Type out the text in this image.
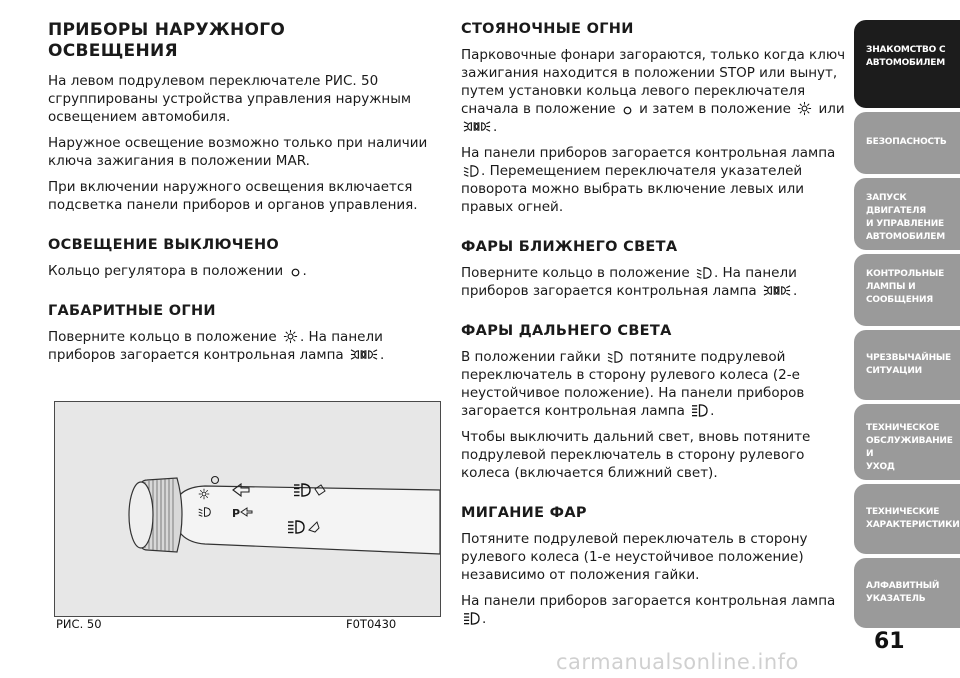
ПРИБОРЫ НАРУЖНОГО
ОСВЕЩЕНИЯ

На левом подрулевом переключателе РИС. 50 сгруппированы устройства управления наружным освещением автомобиля.

Наружное освещение возможно только при наличии ключа зажигания в положении MAR.

При включении наружного освещения включается подсветка панели приборов и органов управления.

ОСВЕЩЕНИЕ ВЫКЛЮЧЕНО

Кольцо регулятора в положении .

ГАБАРИТНЫЕ ОГНИ

Поверните кольцо в положение . На панели приборов загорается контрольная лампа	.

P
РИС. 50	F0T0430
СТОЯНОЧНЫЕ ОГНИ

Парковочные фонари загораются, только когда ключ зажигания находится в положении STOP или вынут, путем установки кольца левого переключателя сначала в положение и затем в положение или
.

На панели приборов загорается контрольная лампа
. Перемещением переключателя указателей поворота можно выбрать включение левых или правых огней.

ФАРЫ БЛИЖНЕГО СВЕТА

Поверните кольцо в положение . На панели приборов загорается контрольная лампа	.

ФАРЫ ДАЛЬНЕГО СВЕТА

В положении гайки потяните подрулевой переключатель в сторону рулевого колеса (2-е неустойчивое положение). На панели приборов загорается контрольная лампа .

Чтобы выключить дальний свет, вновь потяните подрулевой переключатель в сторону рулевого колеса (включается ближний свет).

МИГАНИЕ ФАР

Потяните подрулевой переключатель в сторону рулевого колеса (1-е неустойчивое положение) независимо от положения гайки.

На панели приборов загорается контрольная лампа
.

ЗНАКОМСТВО С
АВТОМОБИЛЕМ
БЕЗОПАСНОСТЬ
ЗАПУСК ДВИГАТЕЛЯ
И УПРАВЛЕНИЕ
АВТОМОБИЛЕМ
КОНТРОЛЬНЫЕ
ЛАМПЫ И
СООБЩЕНИЯ
ЧРЕЗВЫЧАЙНЫЕ
СИТУАЦИИ
ТЕХНИЧЕСКОЕ
ОБСЛУЖИВАНИЕ И
УХОД
ТЕХНИЧЕСКИЕ
ХАРАКТЕРИСТИКИ
АЛФАВИТНЫЙ
УКАЗАТЕЛЬ
61
carmanualsonline.info
